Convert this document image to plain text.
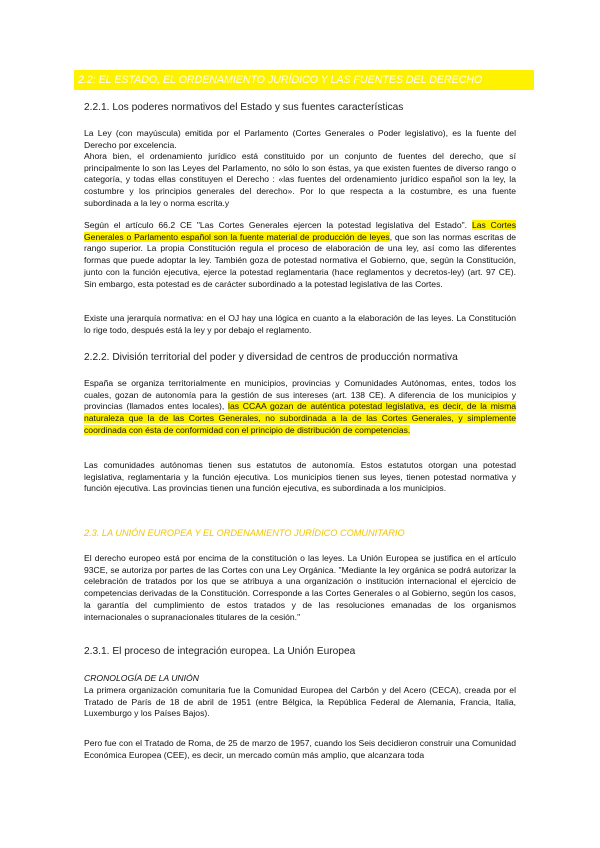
2.2: EL ESTADO, EL ORDENAMIENTO JURÍDICO Y LAS FUENTES DEL DERECHO
2.2.1. Los poderes normativos del Estado y sus fuentes características

La Ley (con mayúscula) emitida por el Parlamento (Cortes Generales o Poder legislativo), es la fuente del Derecho por excelencia.

Ahora bien, el ordenamiento jurídico está constituido por un conjunto de fuentes del derecho, que sí principalmente lo son las Leyes del Parlamento, no sólo lo son éstas, ya que existen fuentes de diverso rango o categoría, y todas ellas constituyen el Derecho : «las fuentes del ordenamiento jurídico español son la ley, la costumbre y los principios generales del derecho». Por lo que respecta a la costumbre, es una fuente subordinada a la ley o norma escrita.y

Según el artículo 66.2 CE "Las Cortes Generales ejercen la potestad legislativa del Estado". Las Cortes Generales o Parlamento español son la fuente material de producción de leyes, que son las normas escritas de rango superior. La propia Constitución regula el proceso de elaboración de una ley, así como las diferentes formas que puede adoptar la ley. También goza de potestad normativa el Gobierno, que, según la Constitución, junto con la función ejecutiva, ejerce la potestad reglamentaria (hace reglamentos y decretos-ley) (art. 97 CE). Sin embargo, esta potestad es de carácter subordinado a la potestad legislativa de las Cortes.

Existe una jerarquía normativa: en el OJ hay una lógica en cuanto a la elaboración de las leyes. La Constitución lo rige todo, después está la ley y por debajo el reglamento.

2.2.2. División territorial del poder y diversidad de centros de producción normativa

España se organiza territorialmente en municipios, provincias y Comunidades Autónomas, entes, todos los cuales, gozan de autonomía para la gestión de sus intereses (art. 138 CE). A diferencia de los municipios y provincias (llamados entes locales), las CCAA gozan de auténtica potestad legislativa, es decir, de la misma naturaleza que la de las Cortes Generales, no subordinada a la de las Cortes Generales, y simplemente coordinada con ésta de conformidad con el principio de distribución de competencias.

Las comunidades autónomas tienen sus estatutos de autonomía. Estos estatutos otorgan una potestad legislativa, reglamentaria y la función ejecutiva. Los municipios tienen sus leyes, tienen potestad normativa y función ejecutiva. Las provincias tienen una función ejecutiva, es subordinada a los municipios.

2.3. LA UNIÓN EUROPEA Y EL ORDENAMIENTO JURÍDICO COMUNITARIO

El derecho europeo está por encima de la constitución o las leyes. La Unión Europea se justifica en el artículo 93CE, se autoriza por partes de las Cortes con una Ley Orgánica. "Mediante la ley orgánica se podrá autorizar la celebración de tratados por los que se atribuya a una organización o institución internacional el ejercicio de competencias derivadas de la Constitución. Corresponde a las Cortes Generales o al Gobierno, según los casos, la garantía del cumplimiento de estos tratados y de las resoluciones emanadas de los organismos internacionales o supranacionales titulares de la cesión."

2.3.1. El proceso de integración europea. La Unión Europea
CRONOLOGÍA DE LA UNIÓN

La primera organización comunitaria fue la Comunidad Europea del Carbón y del Acero (CECA), creada por el Tratado de París de 18 de abril de 1951 (entre Bélgica, la República Federal de Alemania, Francia, Italia, Luxemburgo y los Países Bajos).

Pero fue con el Tratado de Roma, de 25 de marzo de 1957, cuando los Seis decidieron construir una Comunidad Económica Europea (CEE), es decir, un mercado común más amplio, que alcanzara toda
